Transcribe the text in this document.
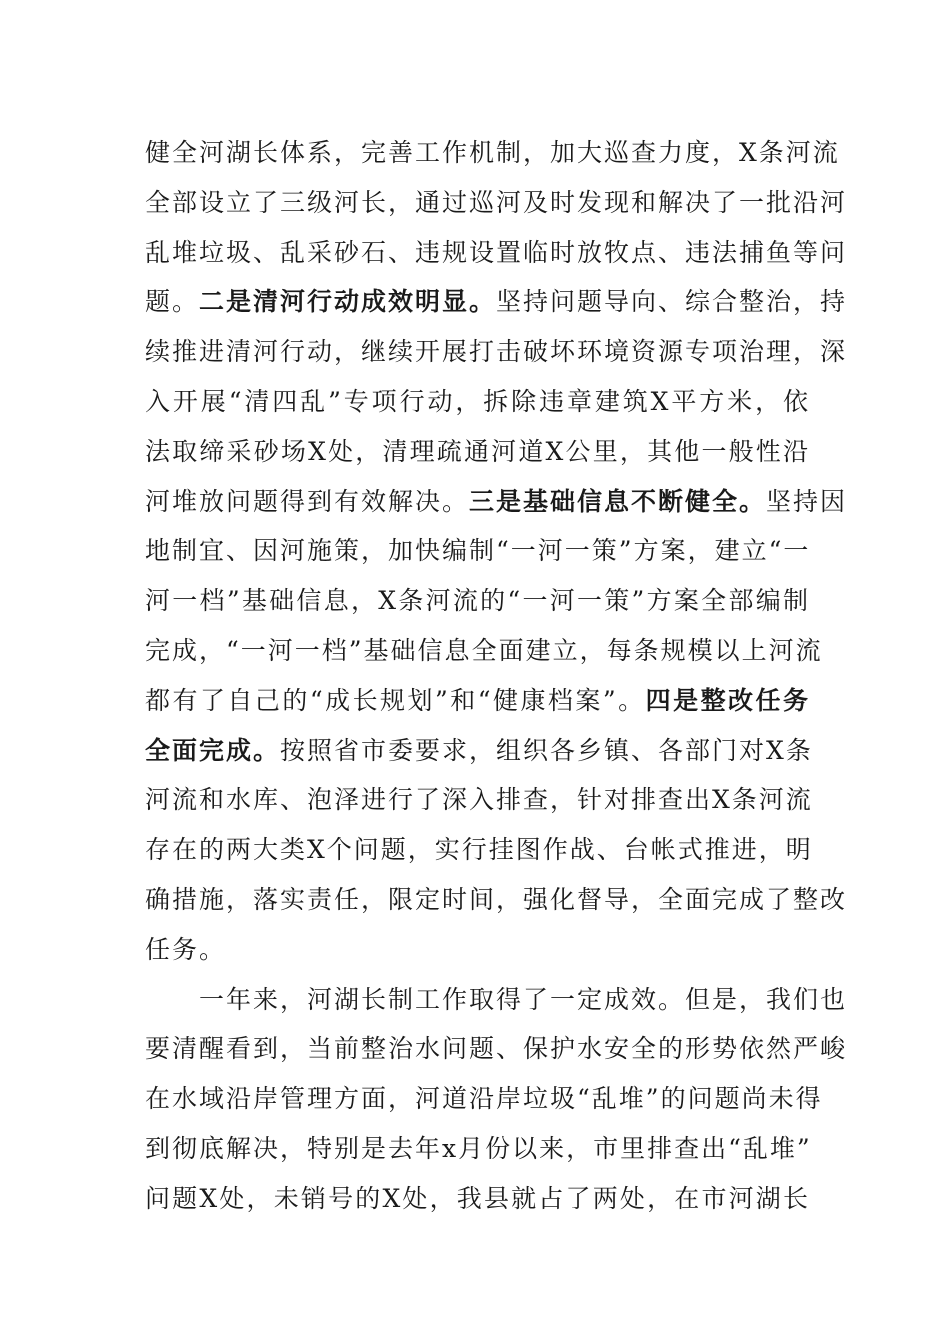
健全河湖长体系，完善工作机制，加大巡查力度，X条河流
全部设立了三级河长，通过巡河及时发现和解决了一批沿河
乱堆垃圾、乱采砂石、违规设置临时放牧点、违法捕鱼等问
题。二是清河行动成效明显。坚持问题导向、综合整治，持
续推进清河行动，继续开展打击破坏环境资源专项治理，深
入开展“清四乱”专项行动，拆除违章建筑X平方米，依
法取缔采砂场X处，清理疏通河道X公里，其他一般性沿
河堆放问题得到有效解决。三是基础信息不断健全。坚持因
地制宜、因河施策，加快编制“一河一策”方案，建立“一
河一档”基础信息，X条河流的“一河一策”方案全部编制
完成，“一河一档”基础信息全面建立，每条规模以上河流
都有了自己的“成长规划”和“健康档案”。四是整改任务
全面完成。按照省市委要求，组织各乡镇、各部门对X条
河流和水库、泡泽进行了深入排查，针对排查出X条河流
存在的两大类X个问题，实行挂图作战、台帐式推进，明
确措施，落实责任，限定时间，强化督导，全面完成了整改
任务。
一年来，河湖长制工作取得了一定成效。但是，我们也
要清醒看到，当前整治水问题、保护水安全的形势依然严峻
在水域沿岸管理方面，河道沿岸垃圾“乱堆”的问题尚未得
到彻底解决，特别是去年x月份以来，市里排查出“乱堆”
问题X处，未销号的X处，我县就占了两处，在市河湖长
